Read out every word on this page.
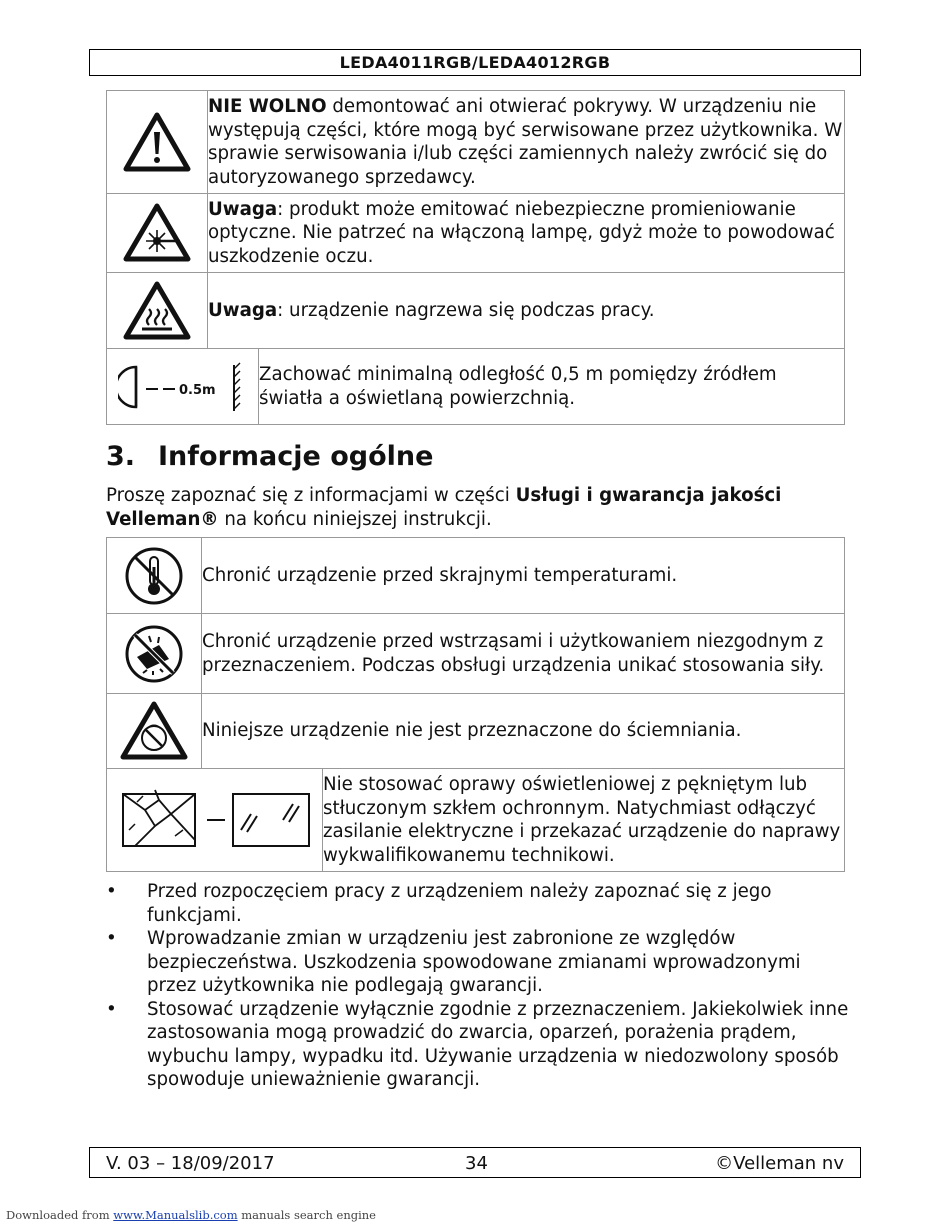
LEDA4011RGB/LEDA4012RGB
	NIE WOLNO demontować ani otwierać pokrywy. W urządzeniu nie występują części, które mogą być serwisowane przez użytkownika. W sprawie serwisowania i/lub części zamiennych należy zwrócić się do autoryzowanego sprzedawcy.

	Uwaga: produkt może emitować niebezpieczne promieniowanie optyczne. Nie patrzeć na włączoną lampę, gdyż może to powodować uszkodzenie oczu.

	Uwaga: urządzenie nagrzewa się podczas pracy.
0.5m
	Zachować minimalną odległość 0,5 m pomiędzy źródłem światła a oświetlaną powierzchnią.
3. Informacje ogólne
Proszę zapoznać się z informacjami w części Usługi i gwarancja jakości Velleman® na końcu niniejszej instrukcji.
	Chronić urządzenie przed skrajnymi temperaturami.

	Chronić urządzenie przed wstrząsami i użytkowaniem niezgodnym z przeznaczeniem. Podczas obsługi urządzenia unikać stosowania siły.

	Niniejsze urządzenie nie jest przeznaczone do ściemniania.
	Nie stosować oprawy oświetleniowej z pękniętym lub stłuczonym szkłem ochronnym. Natychmiast odłączyć zasilanie elektryczne i przekazać urządzenie do naprawy wykwalifikowanemu technikowi.
• Przed rozpoczęciem pracy z urządzeniem należy zapoznać się z jego funkcjami.
• Wprowadzanie zmian w urządzeniu jest zabronione ze względów bezpieczeństwa. Uszkodzenia spowodowane zmianami wprowadzonymi przez użytkownika nie podlegają gwarancji.
• Stosować urządzenie wyłącznie zgodnie z przeznaczeniem. Jakiekolwiek inne zastosowania mogą prowadzić do zwarcia, oparzeń, porażenia prądem, wybuchu lampy, wypadku itd. Używanie urządzenia w niedozwolony sposób spowoduje unieważnienie gwarancji.
V. 03 – 18/09/2017	34	©Velleman nv
Downloaded from www.Manualslib.com manuals search engine
